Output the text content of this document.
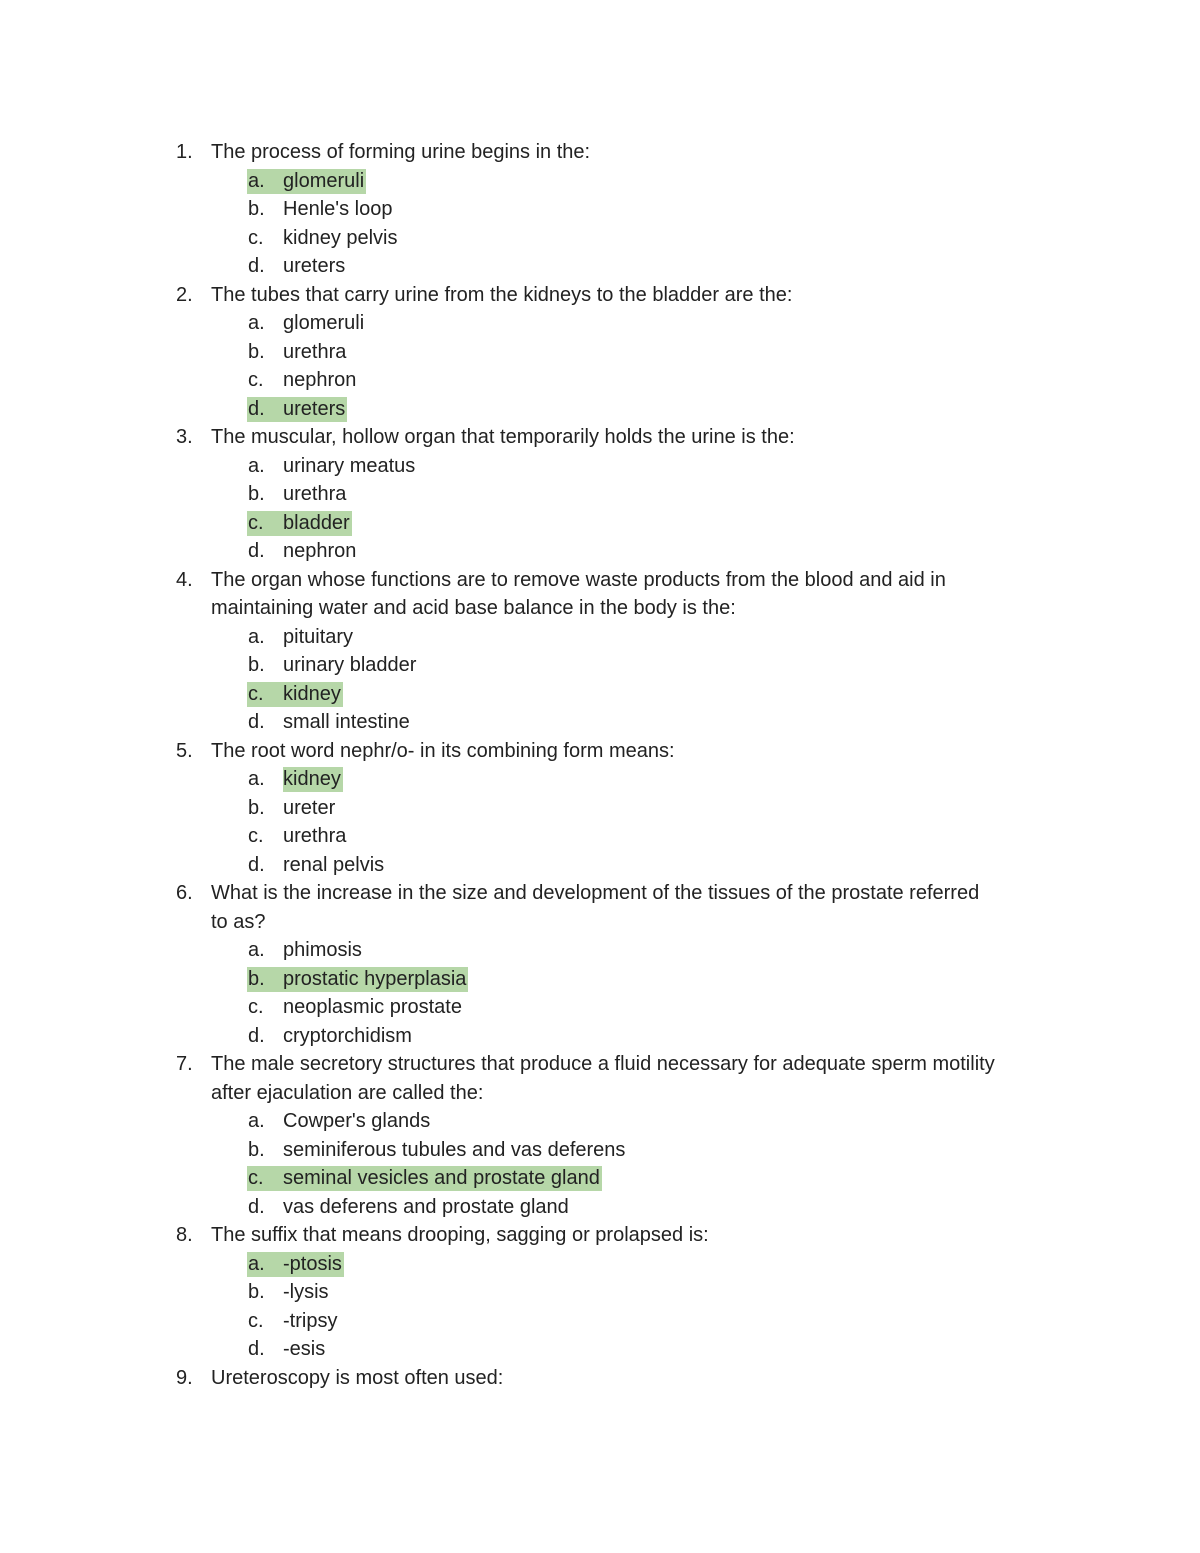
1. The process of forming urine begins in the:
a. glomeruli
b. Henle's loop
c. kidney pelvis
d. ureters
2. The tubes that carry urine from the kidneys to the bladder are the:
a. glomeruli
b. urethra
c. nephron
d. ureters
3. The muscular, hollow organ that temporarily holds the urine is the:
a. urinary meatus
b. urethra
c. bladder
d. nephron
4. The organ whose functions are to remove waste products from the blood and aid in
maintaining water and acid base balance in the body is the:
a. pituitary
b. urinary bladder
c. kidney
d. small intestine
5. The root word nephr/o- in its combining form means:
a. kidney
b. ureter
c. urethra
d. renal pelvis
6. What is the increase in the size and development of the tissues of the prostate referred
to as?
a. phimosis
b. prostatic hyperplasia
c. neoplasmic prostate
d. cryptorchidism
7. The male secretory structures that produce a fluid necessary for adequate sperm motility
after ejaculation are called the:
a. Cowper's glands
b. seminiferous tubules and vas deferens
c. seminal vesicles and prostate gland
d. vas deferens and prostate gland
8. The suffix that means drooping, sagging or prolapsed is:
a. -ptosis
b. -lysis
c. -tripsy
d. -esis
9. Ureteroscopy is most often used:
